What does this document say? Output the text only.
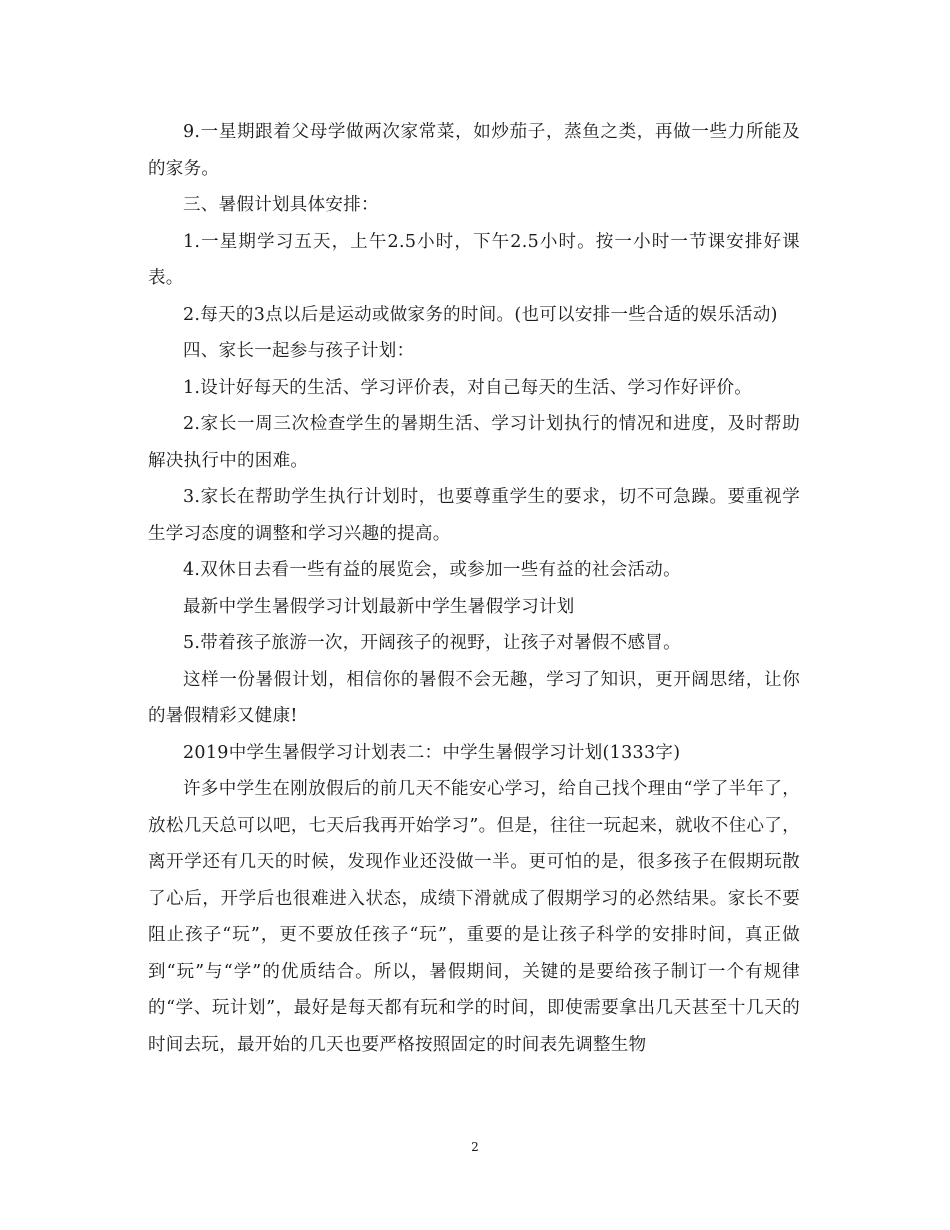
9.一星期跟着父母学做两次家常菜，如炒茄子，蒸鱼之类，再做一些力所能及的家务。

三、暑假计划具体安排：

1.一星期学习五天，上午2.5小时，下午2.5小时。按一小时一节课安排好课表。

2.每天的3点以后是运动或做家务的时间。(也可以安排一些合适的娱乐活动)

四、家长一起参与孩子计划：

1.设计好每天的生活、学习评价表，对自己每天的生活、学习作好评价。

2.家长一周三次检查学生的暑期生活、学习计划执行的情况和进度，及时帮助解决执行中的困难。

3.家长在帮助学生执行计划时，也要尊重学生的要求，切不可急躁。要重视学生学习态度的调整和学习兴趣的提高。

4.双休日去看一些有益的展览会，或参加一些有益的社会活动。

最新中学生暑假学习计划最新中学生暑假学习计划

5.带着孩子旅游一次，开阔孩子的视野，让孩子对暑假不感冒。

这样一份暑假计划，相信你的暑假不会无趣，学习了知识，更开阔思绪，让你的暑假精彩又健康!

2019中学生暑假学习计划表二：中学生暑假学习计划(1333字)

许多中学生在刚放假后的前几天不能安心学习，给自己找个理由“学了半年了，放松几天总可以吧，七天后我再开始学习”。但是，往往一玩起来，就收不住心了，离开学还有几天的时候，发现作业还没做一半。更可怕的是，很多孩子在假期玩散了心后，开学后也很难进入状态，成绩下滑就成了假期学习的必然结果。家长不要阻止孩子“玩”，更不要放任孩子“玩”，重要的是让孩子科学的安排时间，真正做到“玩”与“学”的优质结合。所以，暑假期间，关键的是要给孩子制订一个有规律的“学、玩计划”，最好是每天都有玩和学的时间，即使需要拿出几天甚至十几天的时间去玩，最开始的几天也要严格按照固定的时间表先调整生物

2
